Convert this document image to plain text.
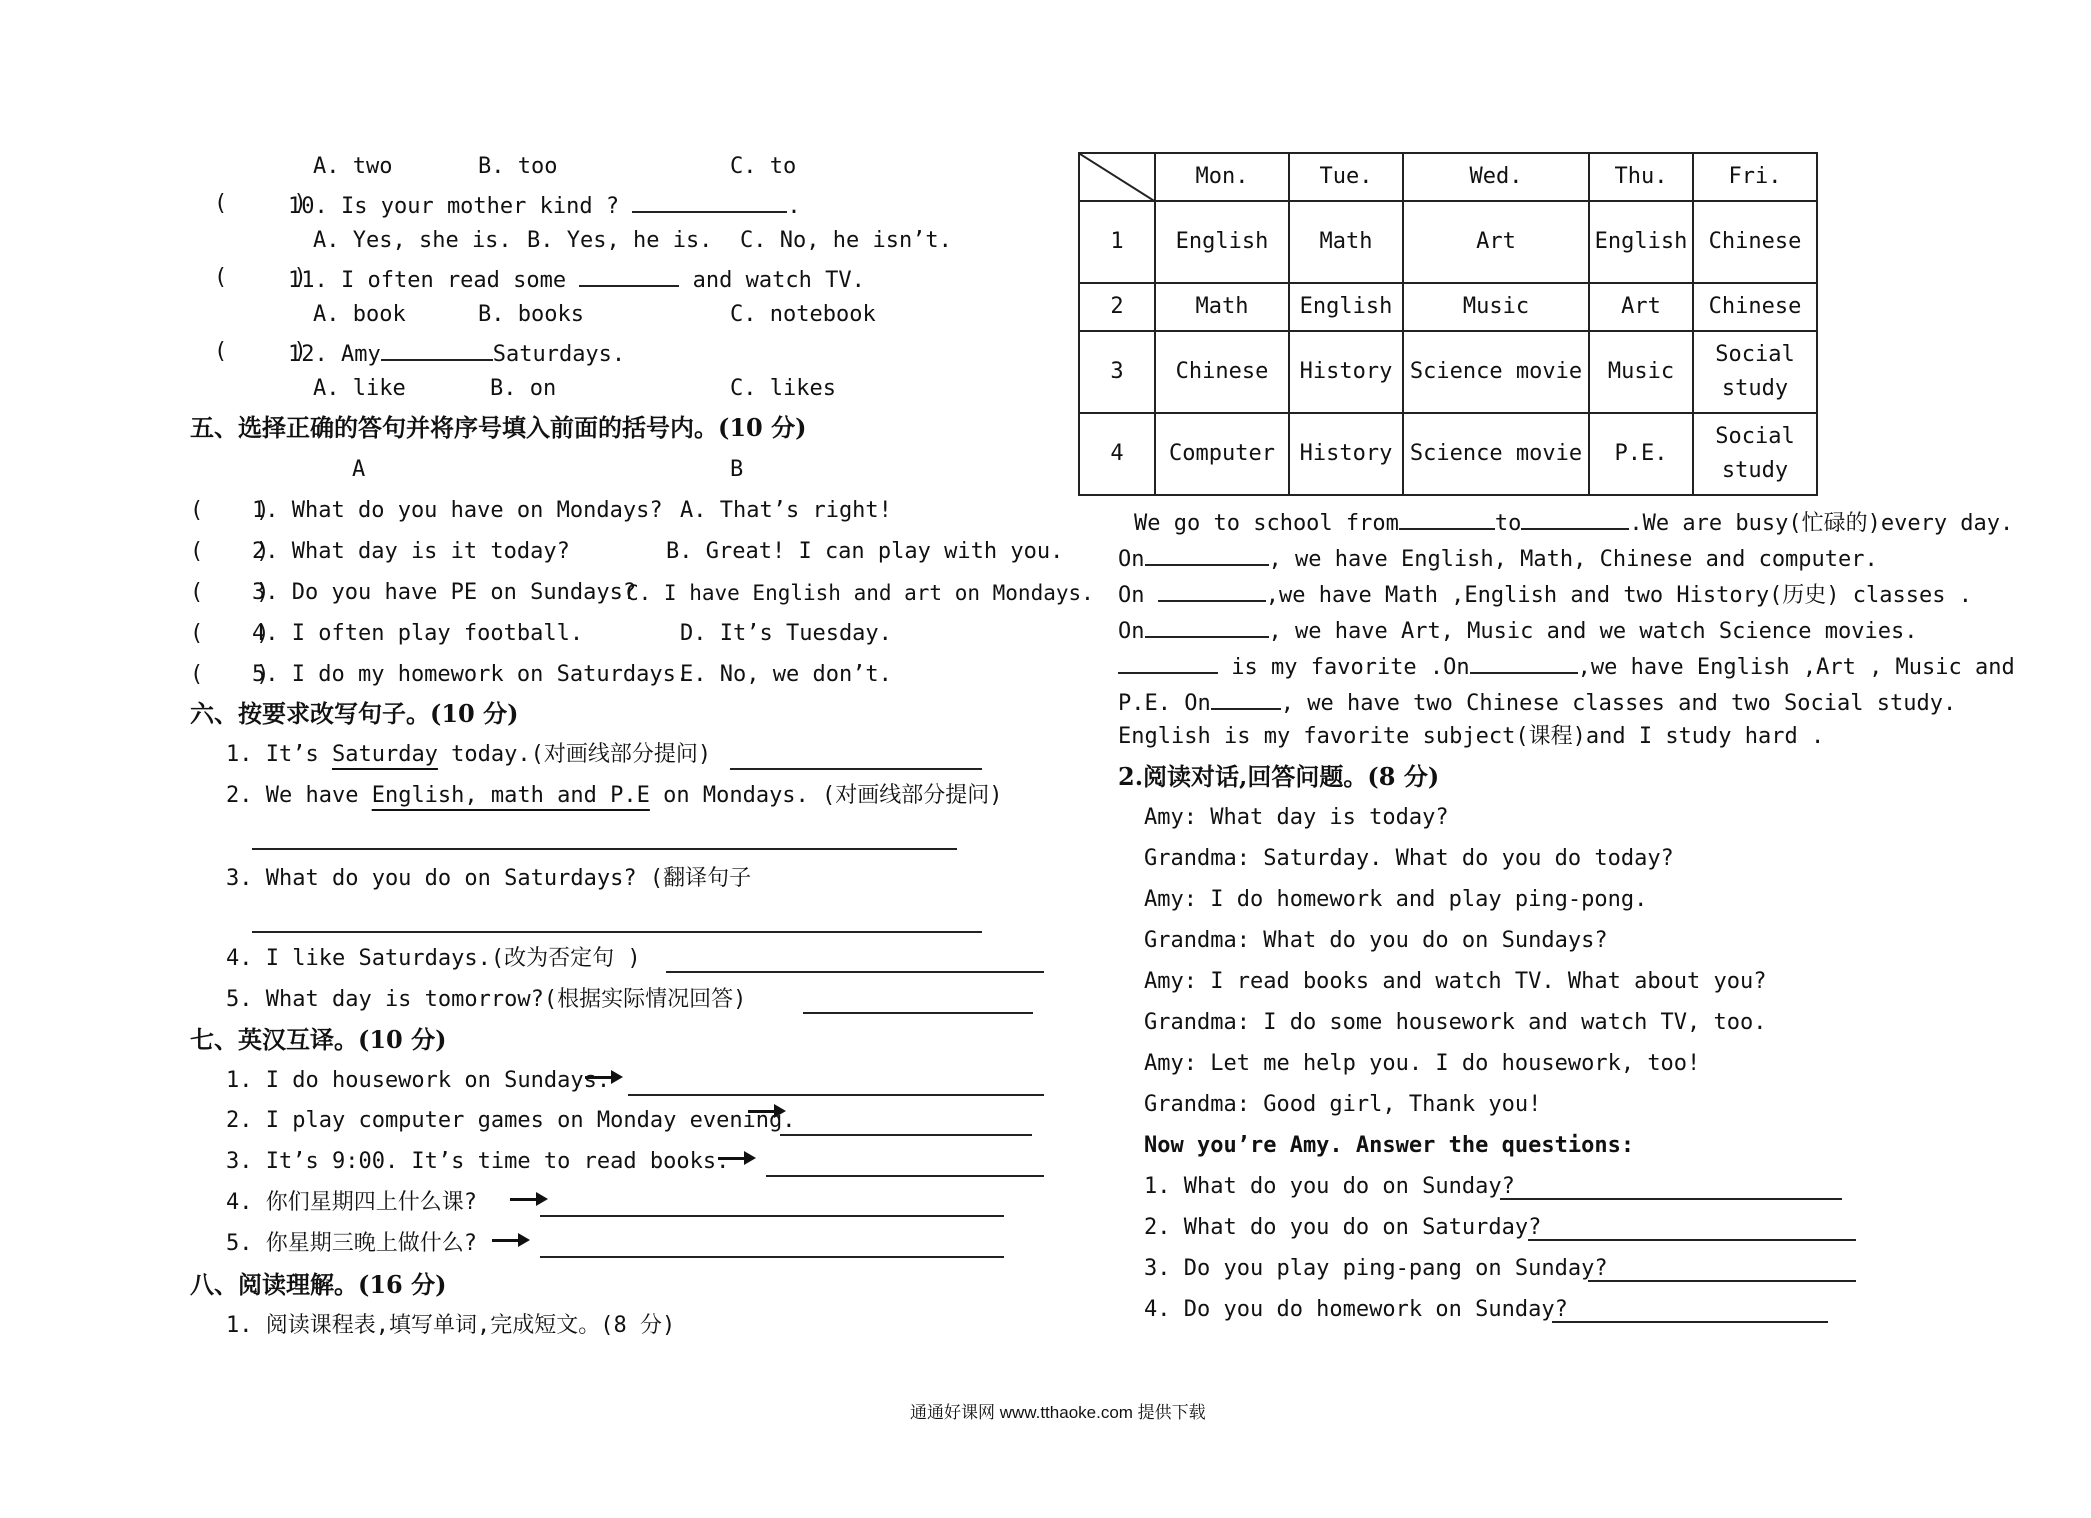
A. two	B. too	C. to
(     )
10. Is your mother kind ?	.
A. Yes, she is. B. Yes, he is. C. No, he isn’t.
(     )
11. I often read some	and watch TV.
A. book	B. books	C. notebook
(     )
12. Amy	Saturdays.
A. like	B. on	C. likes
五、选择正确的答句并将序号填入前面的括号内。(10 分)
A	B
(    )
1. What do you have on Mondays? A. That’s right!
(    )
2. What day is it today?	B. Great! I can play with you.
(    )
3. Do you have PE on Sundays?
C. I have English and art on Mondays.
(    )
4. I often play football.	D. It’s Tuesday.
(    )
5. I do my homework on Saturdays.
E. No, we don’t.
六、按要求改写句子。(10 分)
1. It’s Saturday today.(对画线部分提问)
2. We have English, math and P.E on Mondays. (对画线部分提问)
3. What do you do on Saturdays? (翻译句子
4. I like Saturdays.(改为否定句 )
5. What day is tomorrow?(根据实际情况回答)
七、英汉互译。(10 分)
1. I do housework on Sundays.
2. I play computer games on Monday evening.
3. It’s 9:00. It’s time to read books.
4. 你们星期四上什么课?
5. 你星期三晚上做什么?
八、阅读理解。(16 分)
1. 阅读课程表,填写单词,完成短文。(8 分)
	Mon.	Tue.	Wed.	Thu.	Fri.
1	English	Math	Art	English	Chinese
2	Math	English	Music	Art	Chinese
3	Chinese	History	Science movie	Music	Social study
4	Computer	History	Science movie	P.E.	Social study
We go to school from	to	.We are busy(忙碌的)every day.
On	, we have English, Math, Chinese and computer.
On	,we have Math ,English and two History(历史) classes .
On	, we have Art, Music and we watch Science movies.
is my favorite .On	,we have English ,Art , Music and
P.E. On	, we have two Chinese classes and two Social study.
English is my favorite subject(课程)and I study hard .
2.阅读对话,回答问题。(8 分)
Amy: What day is today?
Grandma: Saturday. What do you do today?
Amy: I do homework and play ping-pong.
Grandma: What do you do on Sundays?
Amy: I read books and watch TV. What about you?
Grandma: I do some housework and watch TV, too.
Amy: Let me help you. I do housework, too!
Grandma: Good girl, Thank you!
Now you’re Amy. Answer the questions:
1. What do you do on Sunday?
2. What do you do on Saturday?
3. Do you play ping-pang on Sunday?
4. Do you do homework on Sunday?
通通好课网 www.tthaoke.com 提供下载
